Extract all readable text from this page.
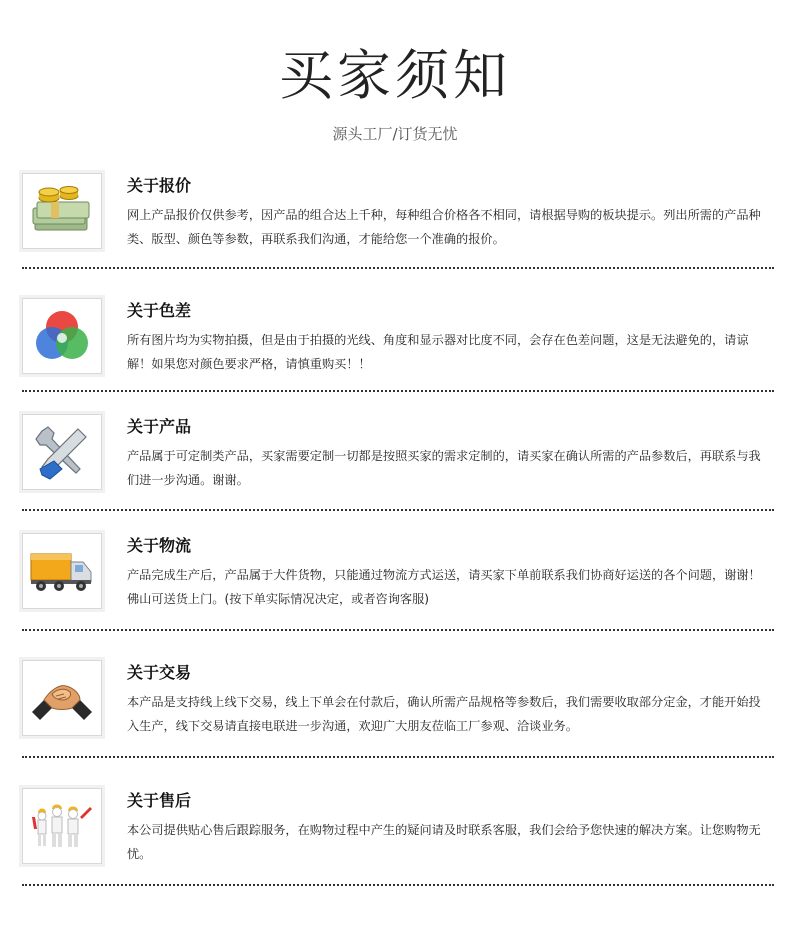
买家须知
源头工厂/订货无忧
关于报价
网上产品报价仅供参考，因产品的组合达上千种，每种组合价格各不相同，请根据导购的板块提示。列出所需的产品种类、版型、颜色等参数，再联系我们沟通，才能给您一个准确的报价。
关于色差
所有图片均为实物拍摄，但是由于拍摄的光线、角度和显示器对比度不同，会存在色差问题，这是无法避免的，请谅解！如果您对颜色要求严格，请慎重购买！！
关于产品
产品属于可定制类产品，买家需要定制一切都是按照买家的需求定制的，请买家在确认所需的产品参数后，再联系与我们进一步沟通。谢谢。
关于物流
产品完成生产后，产品属于大件货物，只能通过物流方式运送，请买家下单前联系我们协商好运送的各个问题，谢谢！佛山可送货上门。(按下单实际情况决定，或者咨询客服)
关于交易
本产品是支持线上线下交易，线上下单会在付款后，确认所需产品规格等参数后，我们需要收取部分定金，才能开始投入生产，线下交易请直接电联进一步沟通，欢迎广大朋友莅临工厂参观、洽谈业务。
关于售后
本公司提供贴心售后跟踪服务，在购物过程中产生的疑问请及时联系客服，我们会给予您快速的解决方案。让您购物无忧。
